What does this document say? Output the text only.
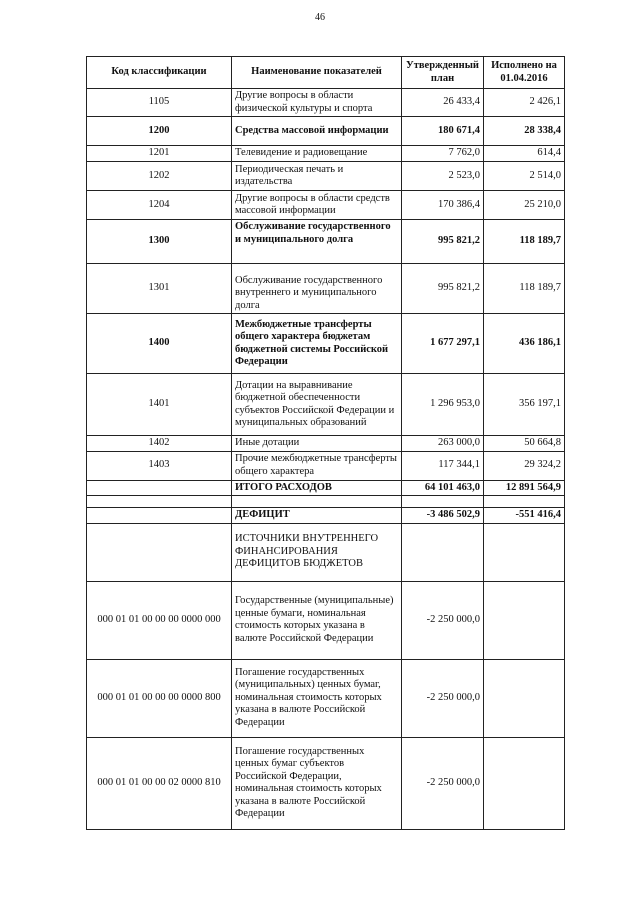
46
Код классификации	Наименование показателей	Утвержденный план	Исполнено на 01.04.2016
1105	Другие вопросы в области физической культуры и спорта	26 433,4	2 426,1
1200	Средства массовой информации	180 671,4	28 338,4
1201	Телевидение и радиовещание	7 762,0	614,4
1202	Периодическая печать и издательства	2 523,0	2 514,0
1204	Другие вопросы в области средств массовой информации	170 386,4	25 210,0
1300	Обслуживание государственного и муниципального долга	995 821,2	118 189,7
1301	Обслуживание государственного внутреннего и муниципального долга	995 821,2	118 189,7
1400	Межбюджетные трансферты общего характера бюджетам бюджетной системы Российской Федерации	1 677 297,1	436 186,1
1401	Дотации на выравнивание бюджетной обеспеченности субъектов Российской Федерации и муниципальных образований	1 296 953,0	356 197,1
1402	Иные дотации	263 000,0	50 664,8
1403	Прочие межбюджетные трансферты общего характера	117 344,1	29 324,2
	ИТОГО РАСХОДОВ	64 101 463,0	12 891 564,9

	ДЕФИЦИТ	-3 486 502,9	-551 416,4
	ИСТОЧНИКИ ВНУТРЕННЕГО ФИНАНСИРОВАНИЯ ДЕФИЦИТОВ БЮДЖЕТОВ		
000 01 01 00 00 00 0000 000	Государственные (муниципальные) ценные бумаги, номинальная стоимость которых указана в валюте Российской Федерации	-2 250 000,0	
000 01 01 00 00 00 0000 800	Погашение государственных (муниципальных) ценных бумаг, номинальная стоимость которых указана в валюте Российской Федерации	-2 250 000,0	
000 01 01 00 00 02 0000 810	Погашение государственных ценных бумаг субъектов Российской Федерации, номинальная стоимость которых указана в валюте Российской Федерации	-2 250 000,0	
